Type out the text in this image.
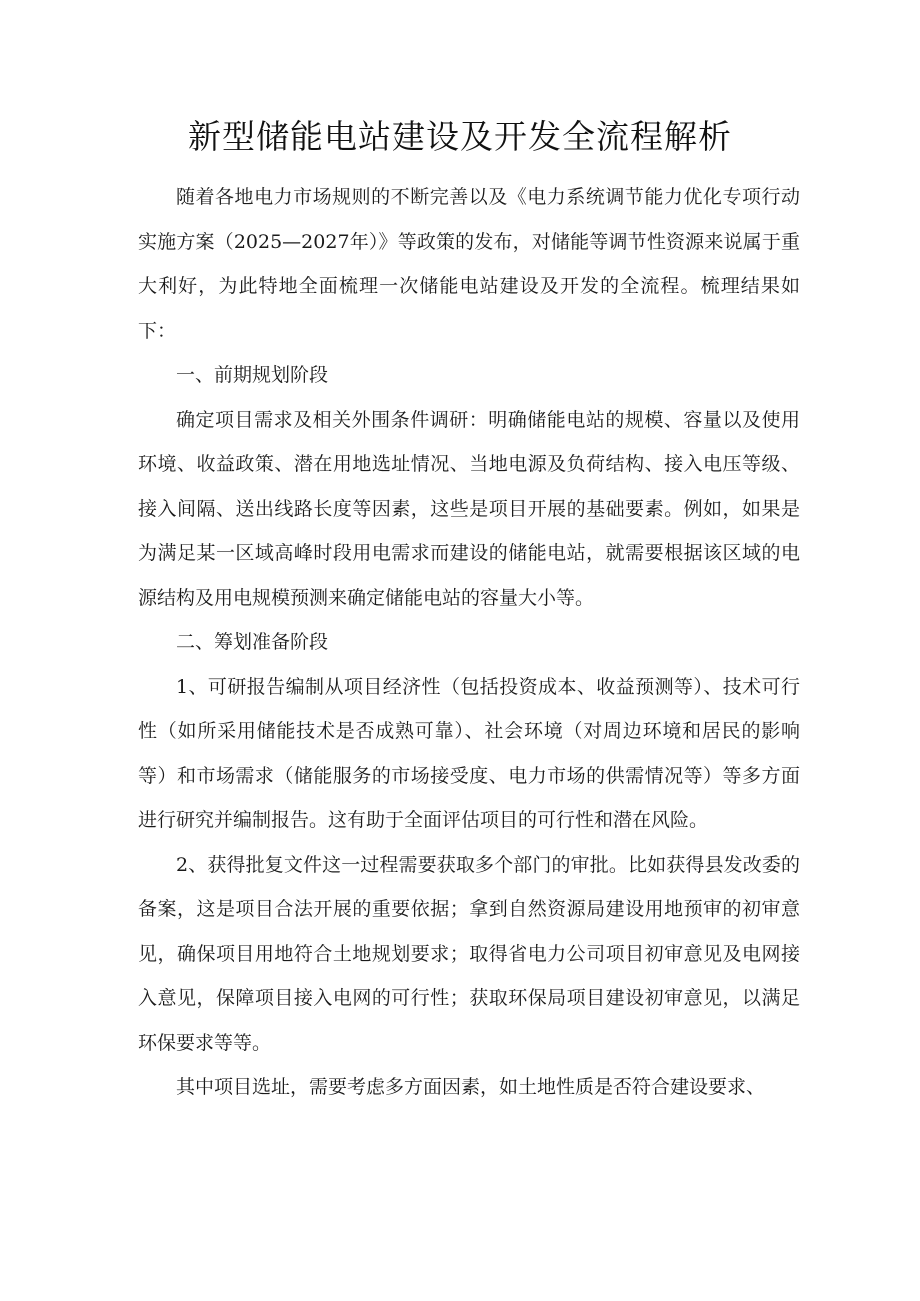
新型储能电站建设及开发全流程解析

随着各地电力市场规则的不断完善以及《电力系统调节能力优化专项行动实施方案（2025—2027年）》等政策的发布，对储能等调节性资源来说属于重大利好，为此特地全面梳理一次储能电站建设及开发的全流程。梳理结果如下：

一、前期规划阶段

确定项目需求及相关外围条件调研：明确储能电站的规模、容量以及使用环境、收益政策、潜在用地选址情况、当地电源及负荷结构、接入电压等级、接入间隔、送出线路长度等因素，这些是项目开展的基础要素。例如，如果是为满足某一区域高峰时段用电需求而建设的储能电站，就需要根据该区域的电源结构及用电规模预测来确定储能电站的容量大小等。

二、筹划准备阶段

1、可研报告编制从项目经济性（包括投资成本、收益预测等）、技术可行性（如所采用储能技术是否成熟可靠）、社会环境（对周边环境和居民的影响等）和市场需求（储能服务的市场接受度、电力市场的供需情况等）等多方面进行研究并编制报告。这有助于全面评估项目的可行性和潜在风险。

2、获得批复文件这一过程需要获取多个部门的审批。比如获得县发改委的备案，这是项目合法开展的重要依据；拿到自然资源局建设用地预审的初审意见，确保项目用地符合土地规划要求；取得省电力公司项目初审意见及电网接入意见，保障项目接入电网的可行性；获取环保局项目建设初审意见，以满足环保要求等等。

其中项目选址，需要考虑多方面因素，如土地性质是否符合建设要求、
